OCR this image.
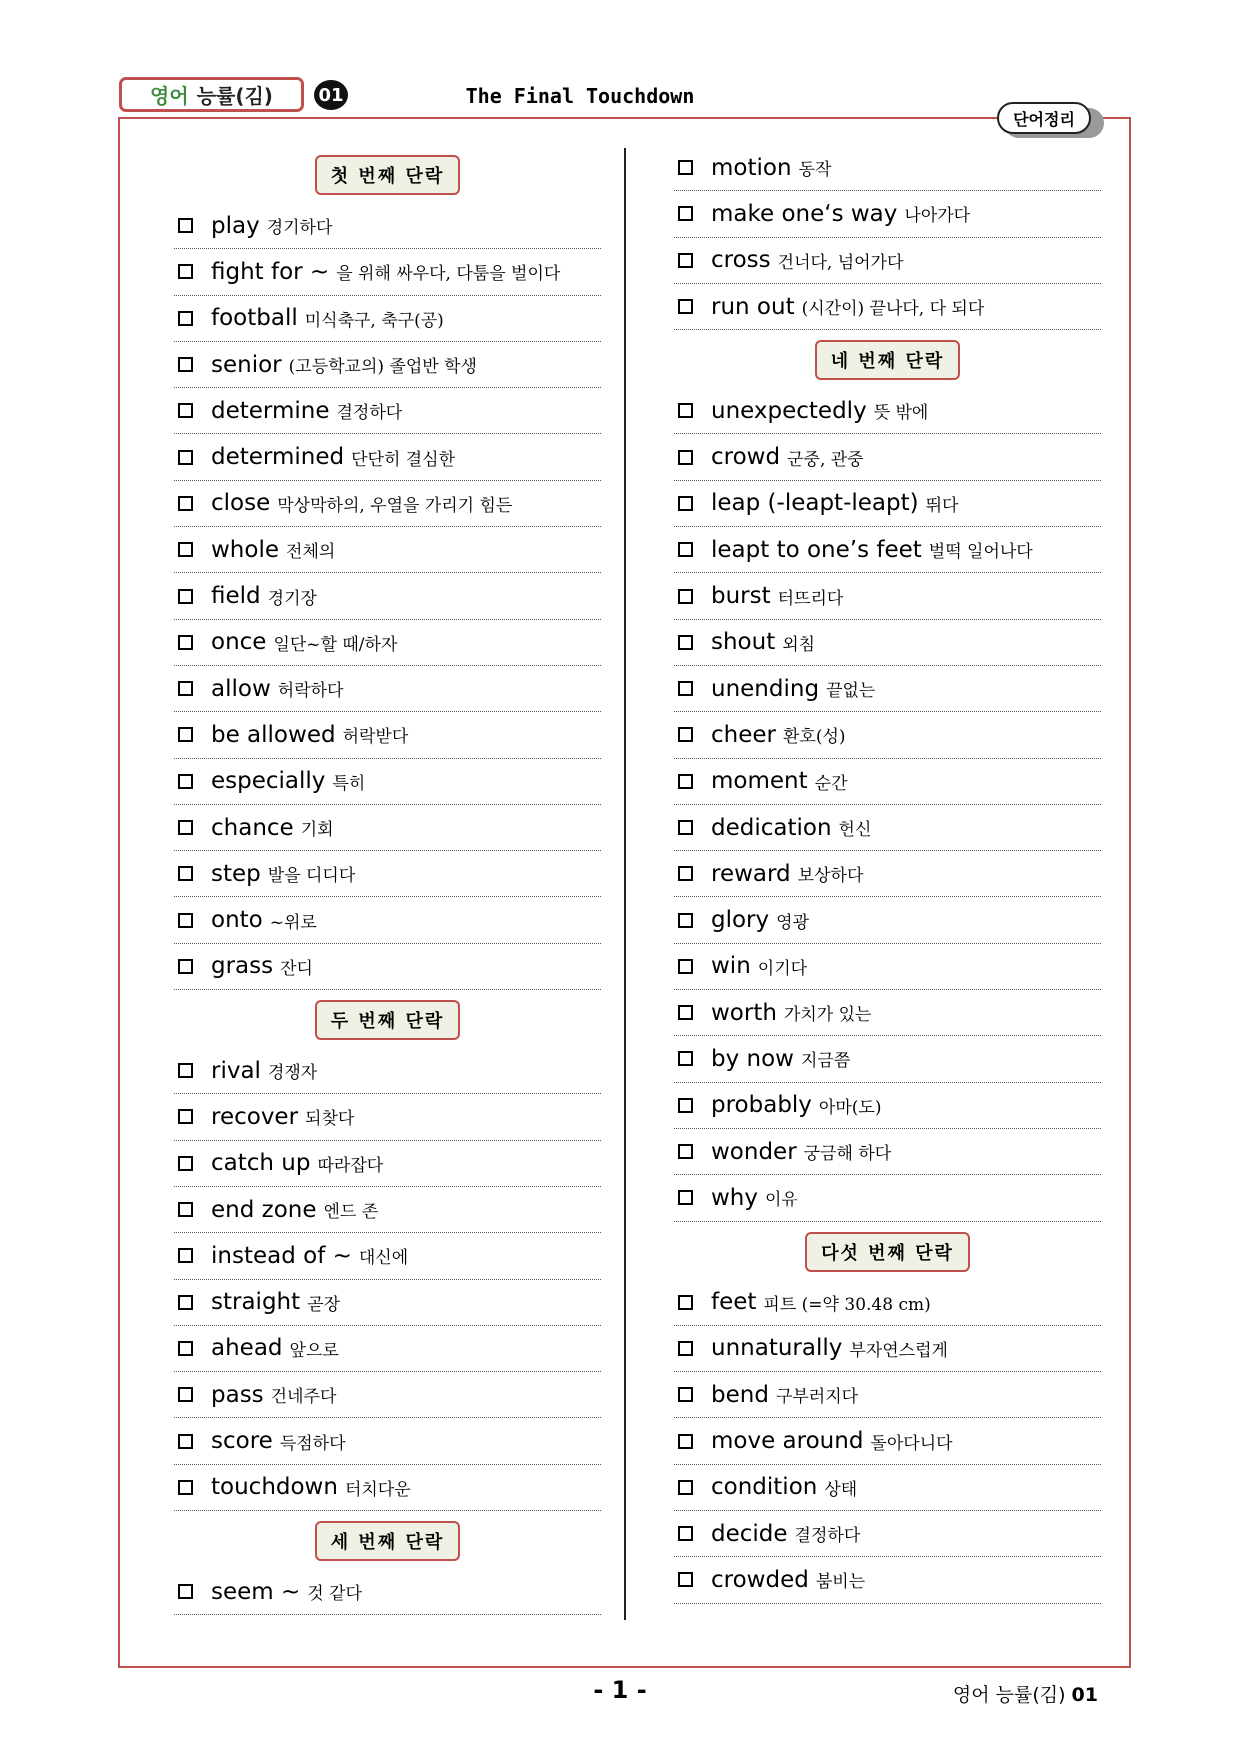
영어 능률(김)	01	The Final Touchdown
단어정리
첫 번째 단락
play 경기하다
fight for ~ 을 위해 싸우다, 다툼을 벌이다
football 미식축구, 축구(공)
senior (고등학교의) 졸업반 학생
determine 결정하다
determined 단단히 결심한
close 막상막하의, 우열을 가리기 힘든
whole 전체의
field 경기장
once 일단~할 때/하자
allow 허락하다
be allowed 허락받다
especially 특히
chance 기회
step 발을 디디다
onto ~위로
grass 잔디
두 번째 단락
rival 경쟁자
recover 되찾다
catch up 따라잡다
end zone 엔드 존
instead of ~ 대신에
straight 곧장
ahead 앞으로
pass 건네주다
score 득점하다
touchdown 터치다운
세 번째 단락
seem ~ 것 같다
motion 동작
make one‘s way 나아가다
cross 건너다, 넘어가다
run out (시간이) 끝나다, 다 되다
네 번째 단락
unexpectedly 뜻 밖에
crowd 군중, 관중
leap (-leapt-leapt) 뛰다
leapt to one’s feet 벌떡 일어나다
burst 터뜨리다
shout 외침
unending 끝없는
cheer 환호(성)
moment 순간
dedication 헌신
reward 보상하다
glory 영광
win 이기다
worth 가치가 있는
by now 지금쯤
probably 아마(도)
wonder 궁금해 하다
why 이유
다섯 번째 단락
feet 피트 (=약 30.48 cm)
unnaturally 부자연스럽게
bend 구부러지다
move around 돌아다니다
condition 상태
decide 결정하다
crowded 붐비는
- 1 -	영어 능률(김) 01
